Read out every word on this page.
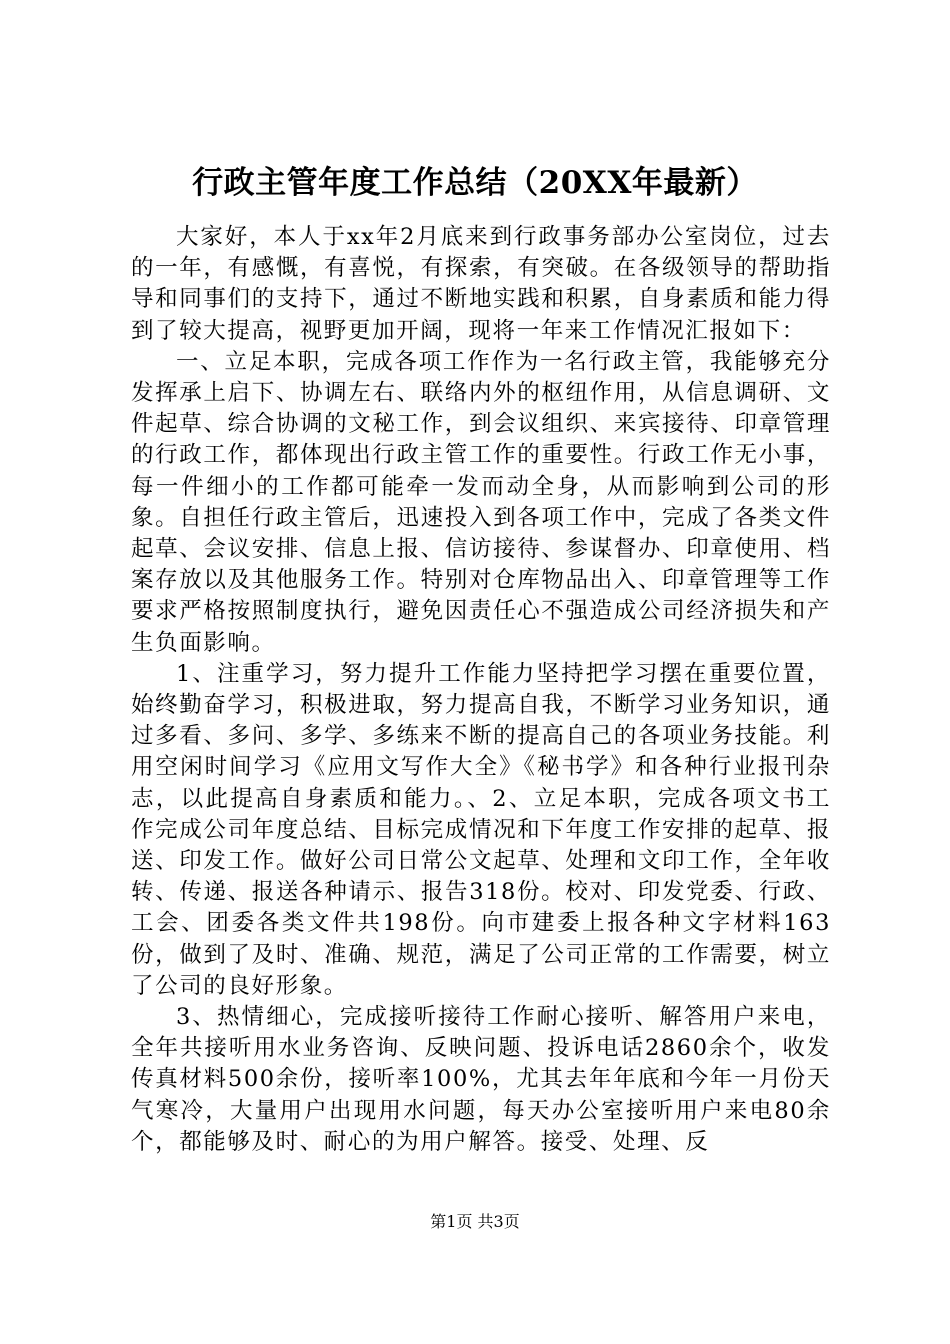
行政主管年度工作总结（20XX年最新）

大家好，本人于xx年2月底来到行政事务部办公室岗位，过去的一年，有感慨，有喜悦，有探索，有突破。在各级领导的帮助指导和同事们的支持下，通过不断地实践和积累，自身素质和能力得到了较大提高，视野更加开阔，现将一年来工作情况汇报如下：

一、立足本职，完成各项工作作为一名行政主管，我能够充分发挥承上启下、协调左右、联络内外的枢纽作用，从信息调研、文件起草、综合协调的文秘工作，到会议组织、来宾接待、印章管理的行政工作，都体现出行政主管工作的重要性。行政工作无小事，每一件细小的工作都可能牵一发而动全身，从而影响到公司的形象。自担任行政主管后，迅速投入到各项工作中，完成了各类文件起草、会议安排、信息上报、信访接待、参谋督办、印章使用、档案存放以及其他服务工作。特别对仓库物品出入、印章管理等工作要求严格按照制度执行，避免因责任心不强造成公司经济损失和产生负面影响。

1、注重学习，努力提升工作能力坚持把学习摆在重要位置，始终勤奋学习，积极进取，努力提高自我，不断学习业务知识，通过多看、多问、多学、多练来不断的提高自己的各项业务技能。利用空闲时间学习《应用文写作大全》《秘书学》和各种行业报刊杂志，以此提高自身素质和能力。、2、立足本职，完成各项文书工作完成公司年度总结、目标完成情况和下年度工作安排的起草、报送、印发工作。做好公司日常公文起草、处理和文印工作，全年收转、传递、报送各种请示、报告318份。校对、印发党委、行政、工会、团委各类文件共198份。向市建委上报各种文字材料163份，做到了及时、准确、规范，满足了公司正常的工作需要，树立了公司的良好形象。

3、热情细心，完成接听接待工作耐心接听、解答用户来电，全年共接听用水业务咨询、反映问题、投诉电话2860余个，收发传真材料500余份，接听率100%，尤其去年年底和今年一月份天气寒冷，大量用户出现用水问题，每天办公室接听用户来电80余个，都能够及时、耐心的为用户解答。接受、处理、反

第1页 共3页
